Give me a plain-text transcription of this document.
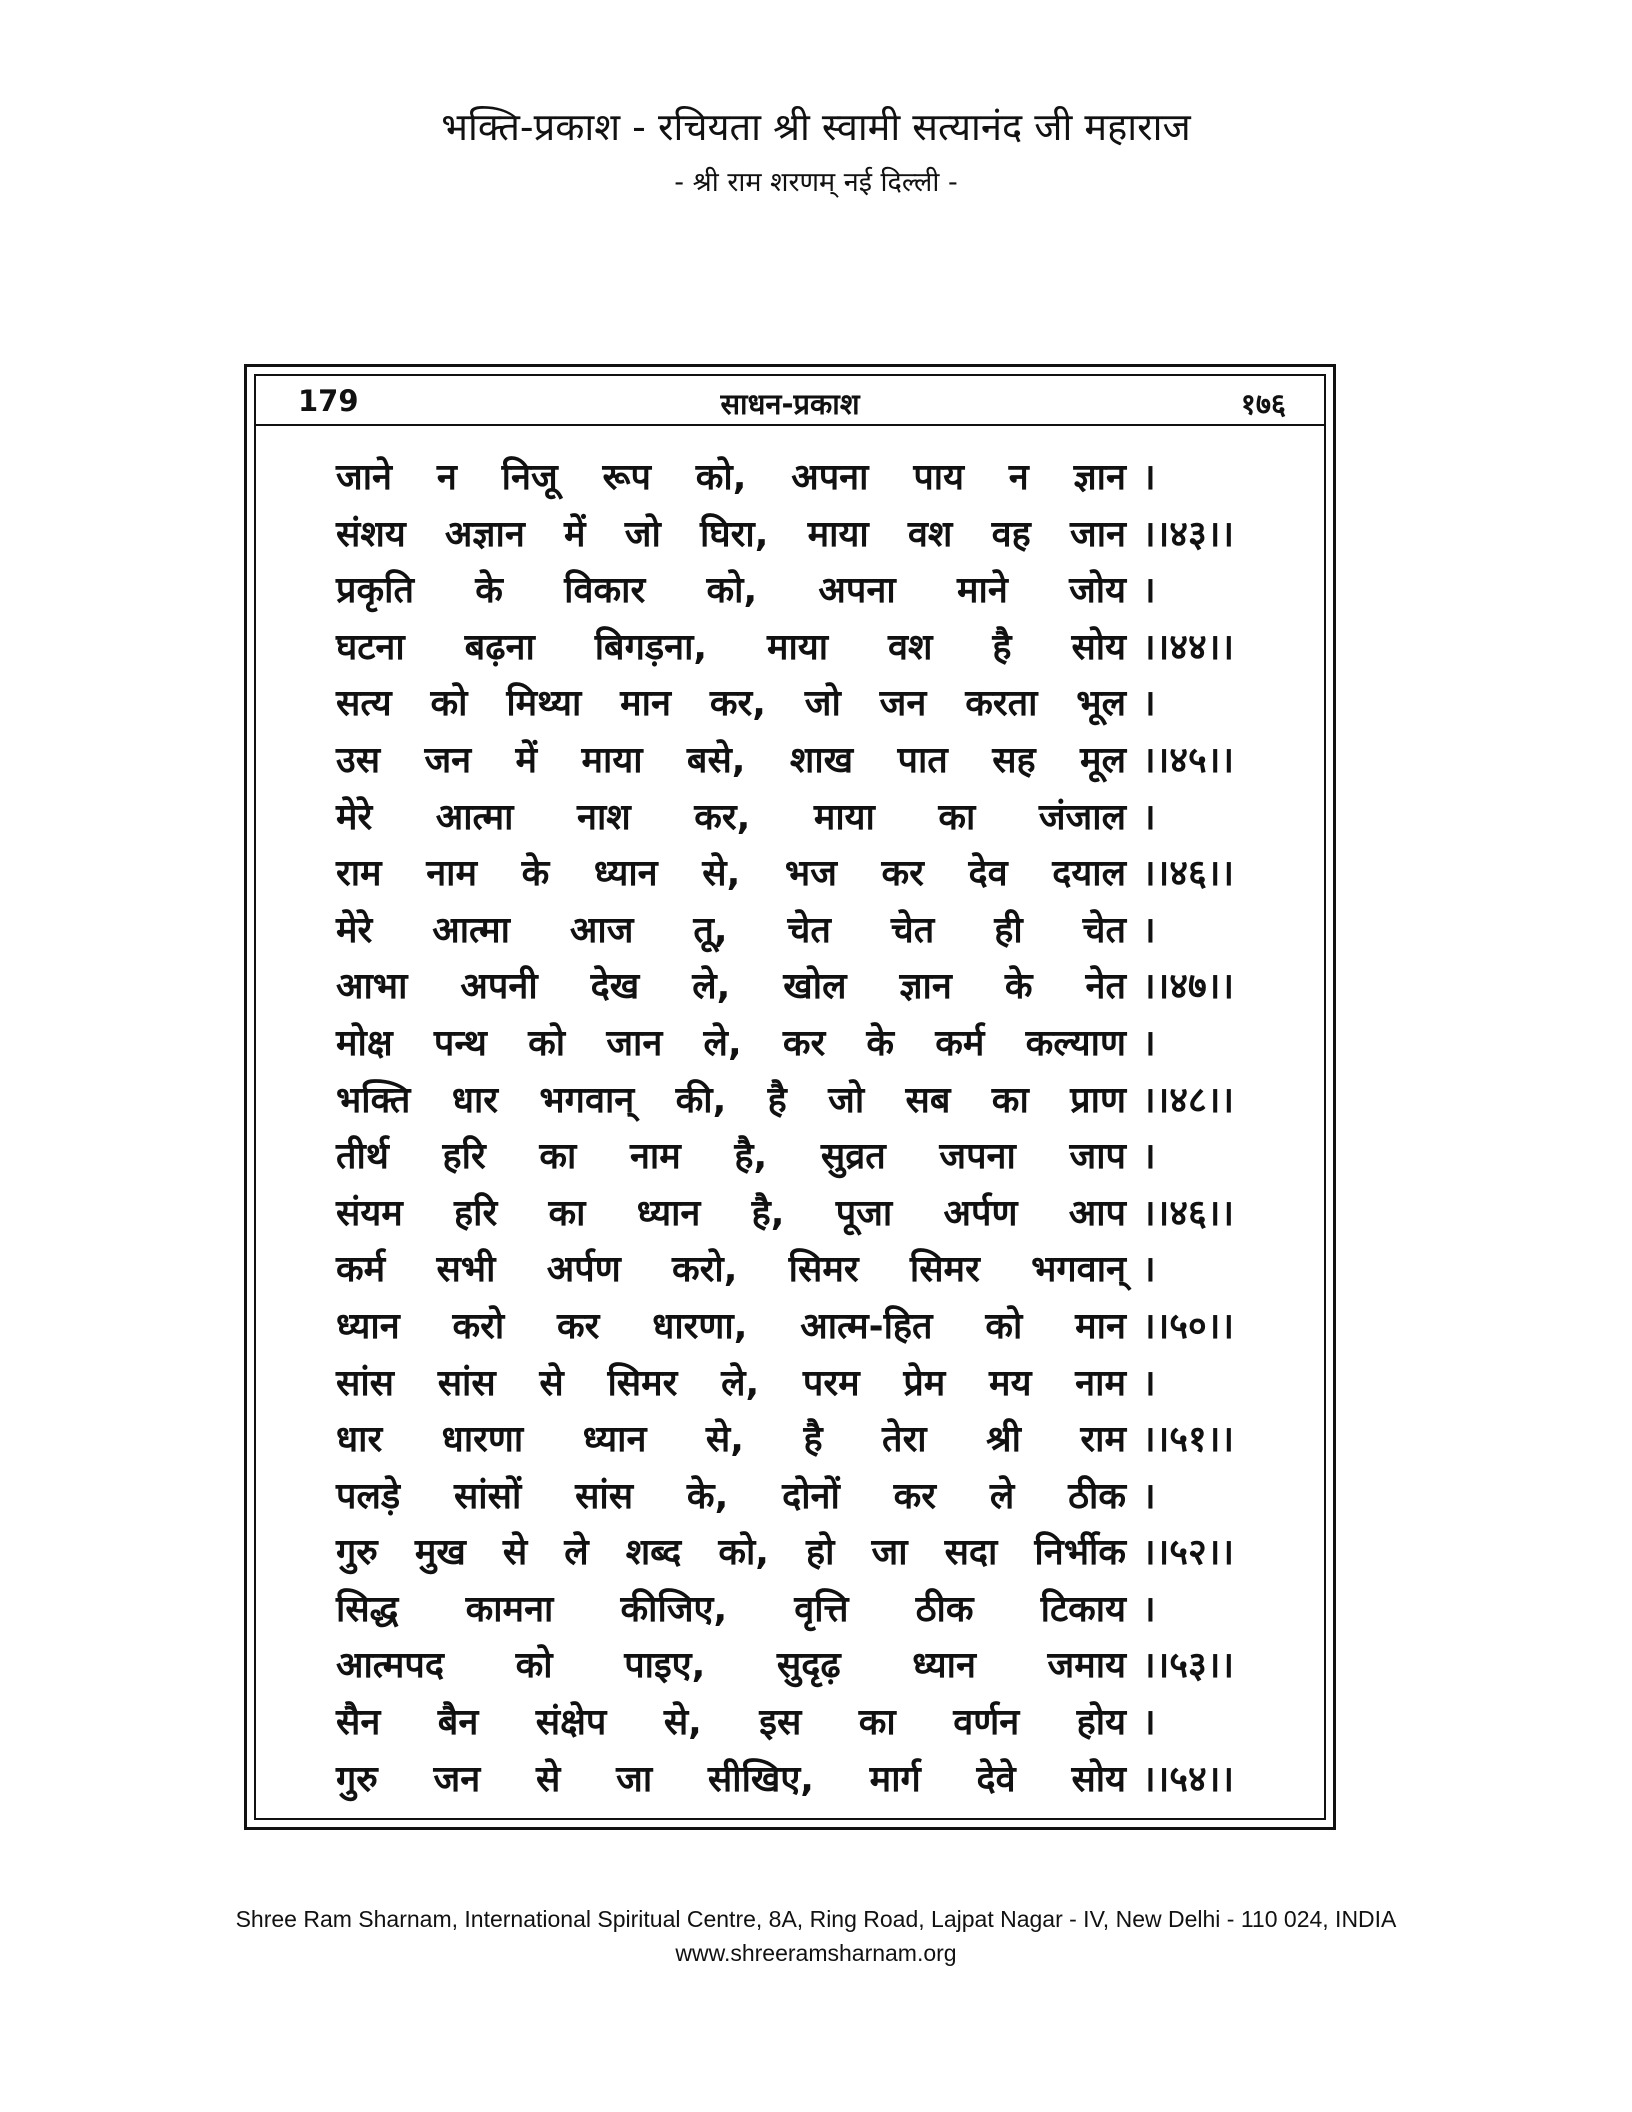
भक्ति-प्रकाश - रचियता श्री स्वामी सत्यानंद जी महाराज
- श्री राम शरणम् नई दिल्ली -
179	साधन-प्रकाश	१७६
जाने न निजू रूप को, अपना पाय न ज्ञान ।
संशय अज्ञान में जो घिरा, माया वश वह जान ।।४३।।
प्रकृति के विकार को, अपना माने जोय ।
घटना बढ़ना बिगड़ना, माया वश है सोय ।।४४।।
सत्य को मिथ्या मान कर, जो जन करता भूल ।
उस जन में माया बसे, शाख पात सह मूल ।।४५।।
मेरे आत्मा नाश कर, माया का जंजाल ।
राम नाम के ध्यान से, भज कर देव दयाल ।।४६।।
मेरे आत्मा आज तू, चेत चेत ही चेत ।
आभा अपनी देख ले, खोल ज्ञान के नेत ।।४७।।
मोक्ष पन्थ को जान ले, कर के कर्म कल्याण ।
भक्ति धार भगवान् की, है जो सब का प्राण ।।४८।।
तीर्थ हरि का नाम है, सुव्रत जपना जाप ।
संयम हरि का ध्यान है, पूजा अर्पण आप ।।४६।।
कर्म सभी अर्पण करो, सिमर सिमर भगवान् ।
ध्यान करो कर धारणा, आत्म-हित को मान ।।५०।।
सांस सांस से सिमर ले, परम प्रेम मय नाम ।
धार धारणा ध्यान से, है तेरा श्री राम ।।५१।।
पलड़े सांसों सांस के, दोनों कर ले ठीक ।
गुरु मुख से ले शब्द को, हो जा सदा निर्भीक ।।५२।।
सिद्ध कामना कीजिए, वृत्ति ठीक टिकाय ।
आत्मपद को पाइए, सुदृढ़ ध्यान जमाय ।।५३।।
सैन बैन संक्षेप से, इस का वर्णन होय ।
गुरु जन से जा सीखिए, मार्ग देवे सोय ।।५४।।
Shree Ram Sharnam, International Spiritual Centre, 8A, Ring Road, Lajpat Nagar - IV, New Delhi - 110 024, INDIA
www.shreeramsharnam.org
